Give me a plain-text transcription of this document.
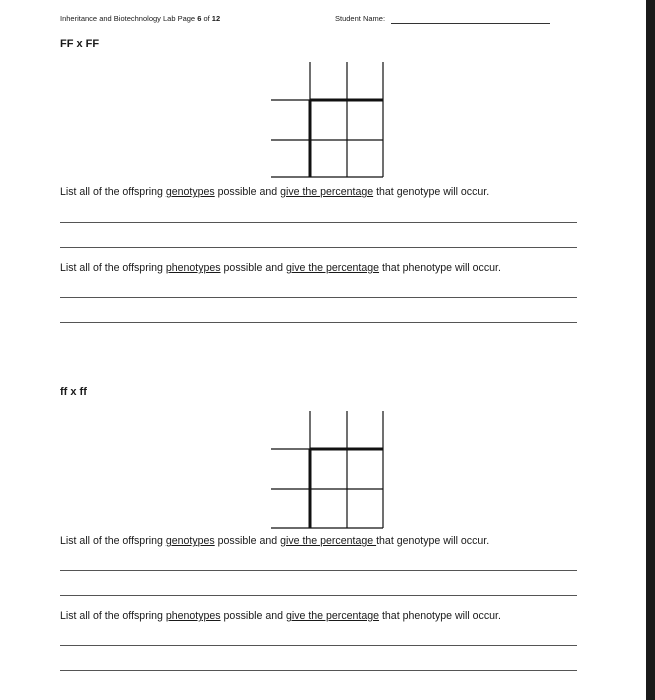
Inheritance and Biotechnology Lab Page 6 of 12	Student Name:
FF x FF
List all of the offspring genotypes possible and give the percentage that genotype will occur.
List all of the offspring phenotypes possible and give the percentage that phenotype will occur.
ff x ff
List all of the offspring genotypes possible and give the percentage that genotype will occur.
List all of the offspring phenotypes possible and give the percentage that phenotype will occur.
